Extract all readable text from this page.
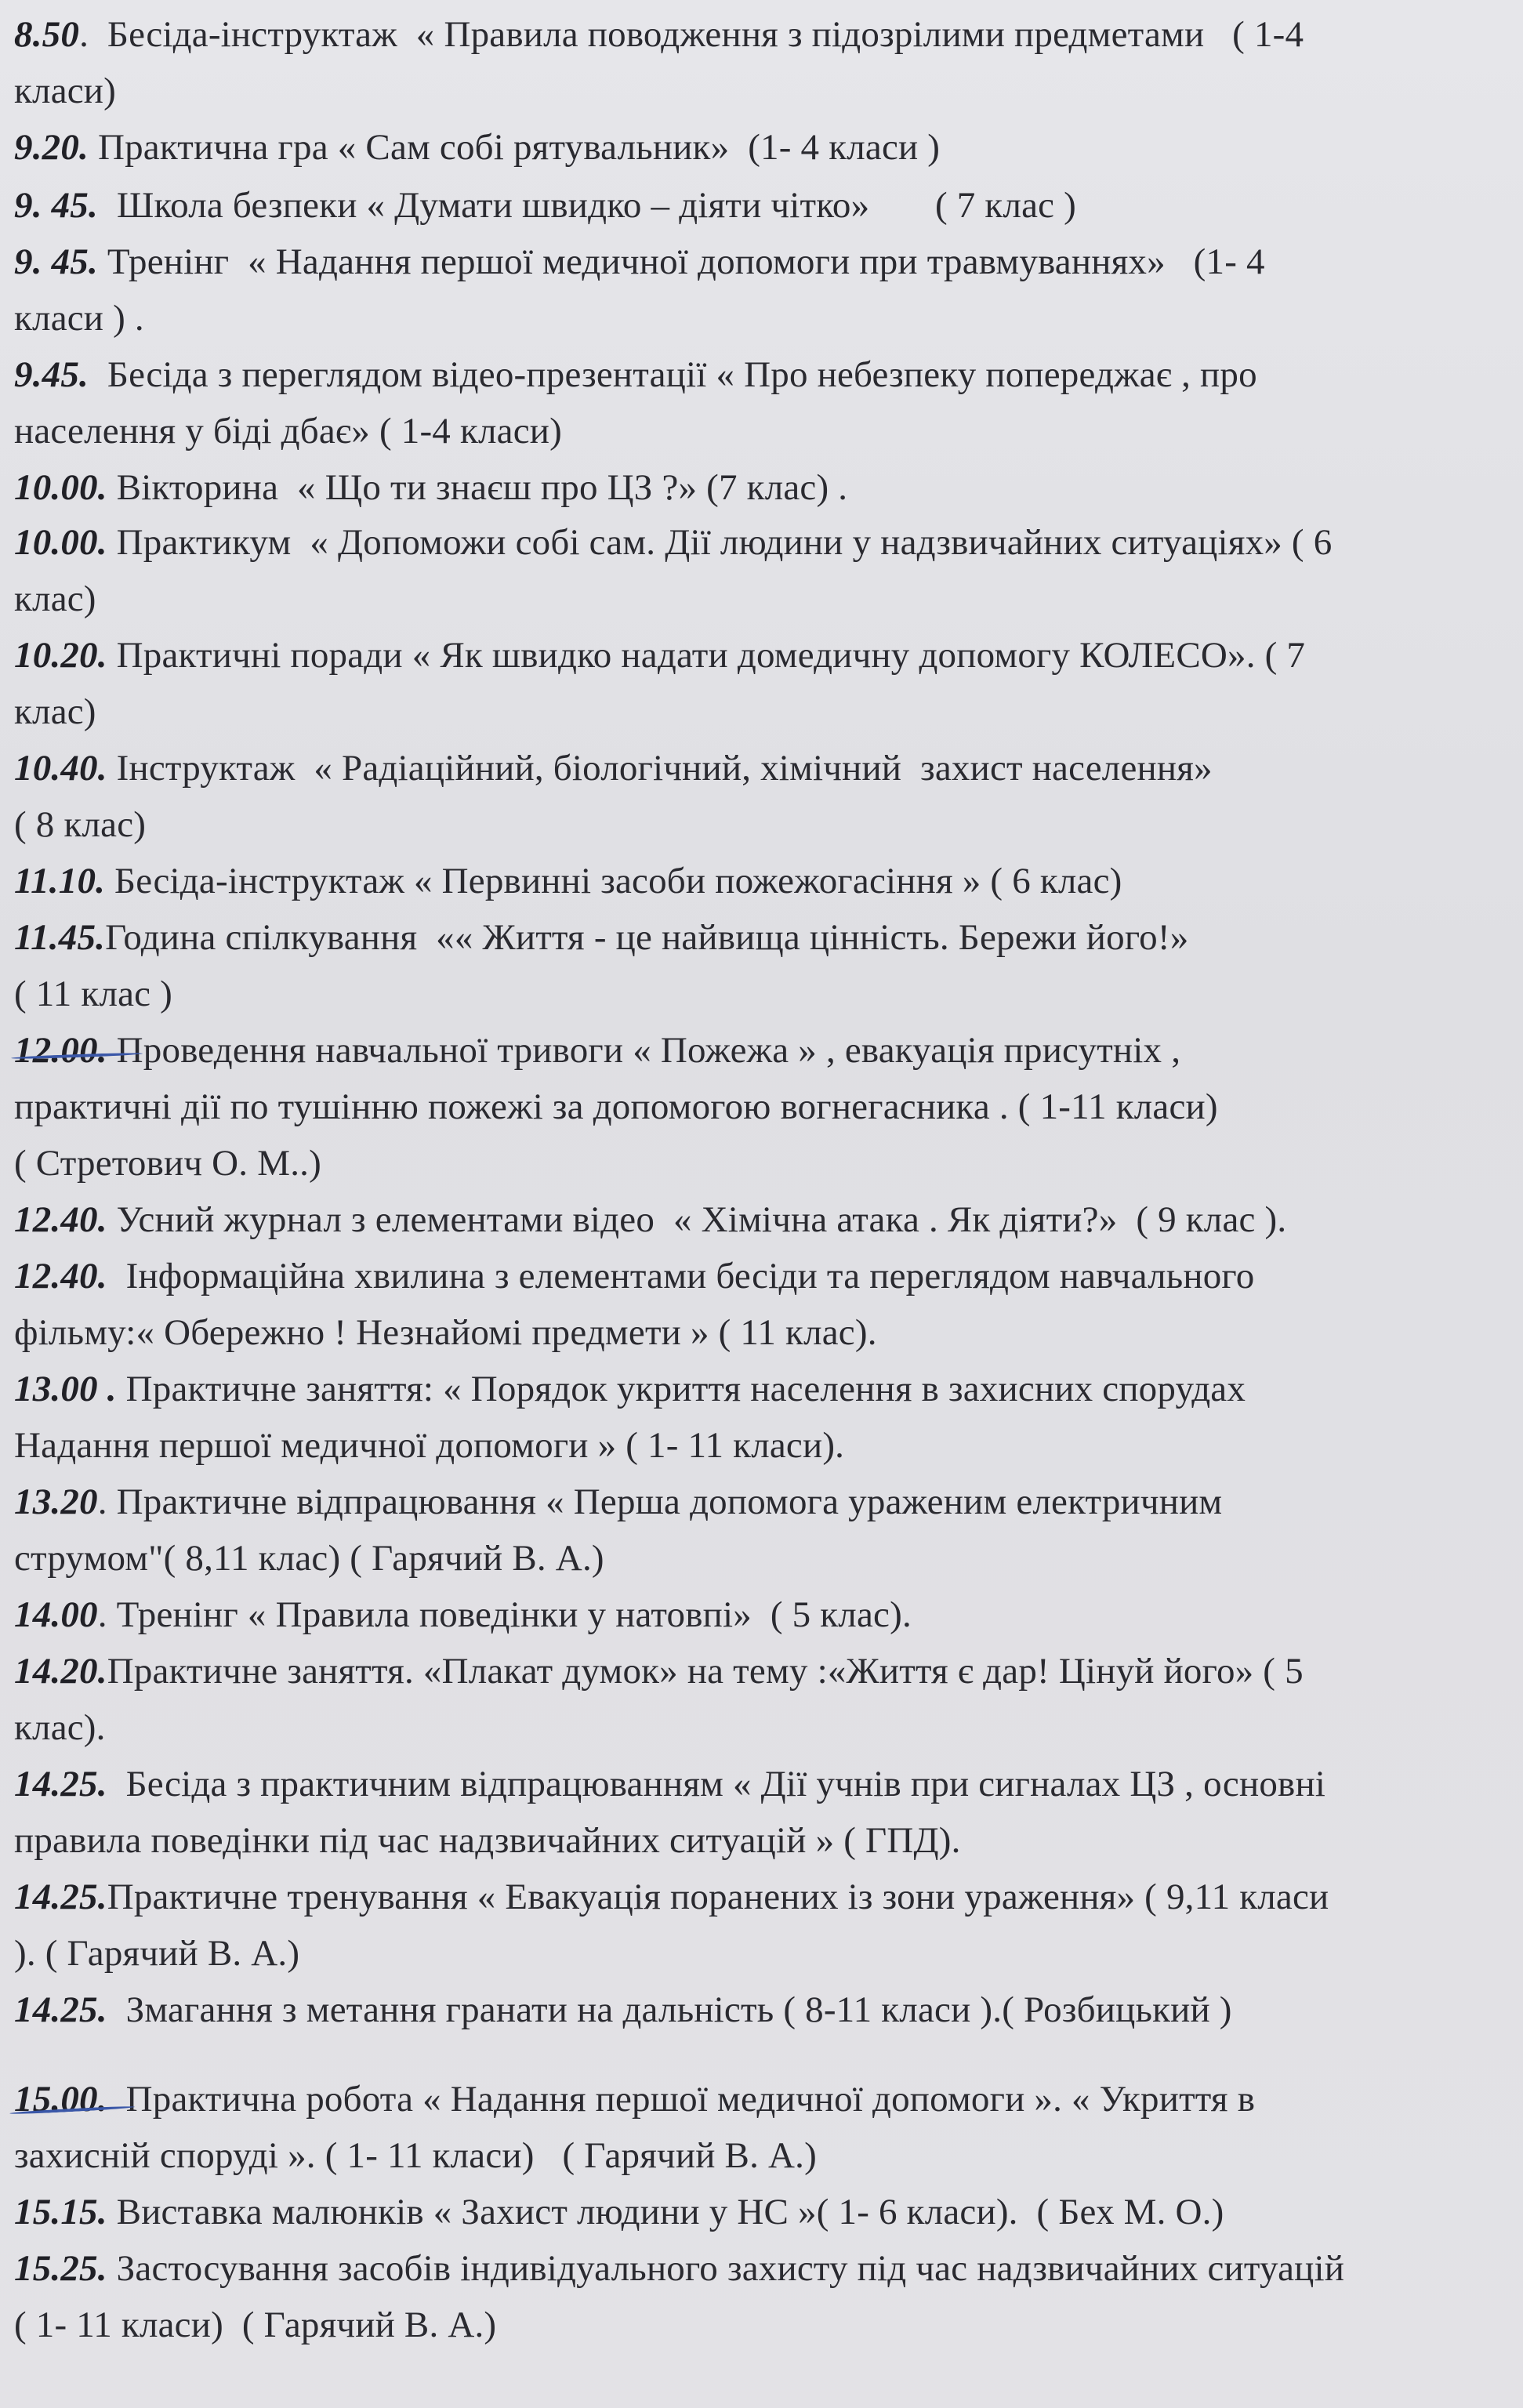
8.50.  Бесіда-інструктаж  « Правила поводження з підозрілими предметами   ( 1-4
класи)
9.20. Практична гра « Сам собі рятувальник»  (1- 4 класи )
9. 45.  Школа безпеки « Думати швидко – діяти чітко»       ( 7 клас )
9. 45. Тренінг  « Надання першої медичної допомоги при травмуваннях»   (1- 4
класи ) .
9.45.  Бесіда з переглядом відео-презентації « Про небезпеку попереджає , про
населення у біді дбає» ( 1-4 класи)
10.00. Вікторина  « Що ти знаєш про ЦЗ ?» (7 клас) .
10.00. Практикум  « Допоможи собі сам. Дії людини у надзвичайних ситуаціях» ( 6
клас)
10.20. Практичні поради « Як швидко надати домедичну допомогу КОЛЕСО». ( 7
клас)
10.40. Інструктаж  « Радіаційний, біологічний, хімічний  захист населення»
( 8 клас)
11.10. Бесіда-інструктаж « Первинні засоби пожежогасіння » ( 6 клас)
11.45.Година спілкування  «« Життя - це найвища цінність. Бережи його!»
( 11 клас )
12.00. Проведення навчальної тривоги « Пожежа » , евакуація присутніх ,
практичні дії по тушінню пожежі за допомогою вогнегасника . ( 1-11 класи)
( Стретович О. М..)
12.40. Усний журнал з елементами відео  « Хімічна атака . Як діяти?»  ( 9 клас ).
12.40.  Інформаційна хвилина з елементами бесіди та переглядом навчального
фільму:« Обережно ! Незнайомі предмети » ( 11 клас).
13.00 . Практичне заняття: « Порядок укриття населення в захисних спорудах
Надання першої медичної допомоги » ( 1- 11 класи).
13.20. Практичне відпрацювання « Перша допомога ураженим електричним
струмом"( 8,11 клас) ( Гарячий В. А.)
14.00. Тренінг « Правила поведінки у натовпі»  ( 5 клас).
14.20.Практичне заняття. «Плакат думок» на тему :«Життя є дар! Цінуй його» ( 5
клас).
14.25.  Бесіда з практичним відпрацюванням « Дії учнів при сигналах ЦЗ , основні
правила поведінки під час надзвичайних ситуацій » ( ГПД).
14.25.Практичне тренування « Евакуація поранених із зони ураження» ( 9,11 класи
). ( Гарячий В. А.)
14.25.  Змагання з метання гранати на дальність ( 8-11 класи ).( Розбицький )
15.00.  Практична робота « Надання першої медичної допомоги ». « Укриття в
захисній споруді ». ( 1- 11 класи)   ( Гарячий В. А.)
15.15. Виставка малюнків « Захист людини у НС »( 1- 6 класи).  ( Бех М. О.)
15.25. Застосування засобів індивідуального захисту під час надзвичайних ситуацій
( 1- 11 класи)  ( Гарячий В. А.)
